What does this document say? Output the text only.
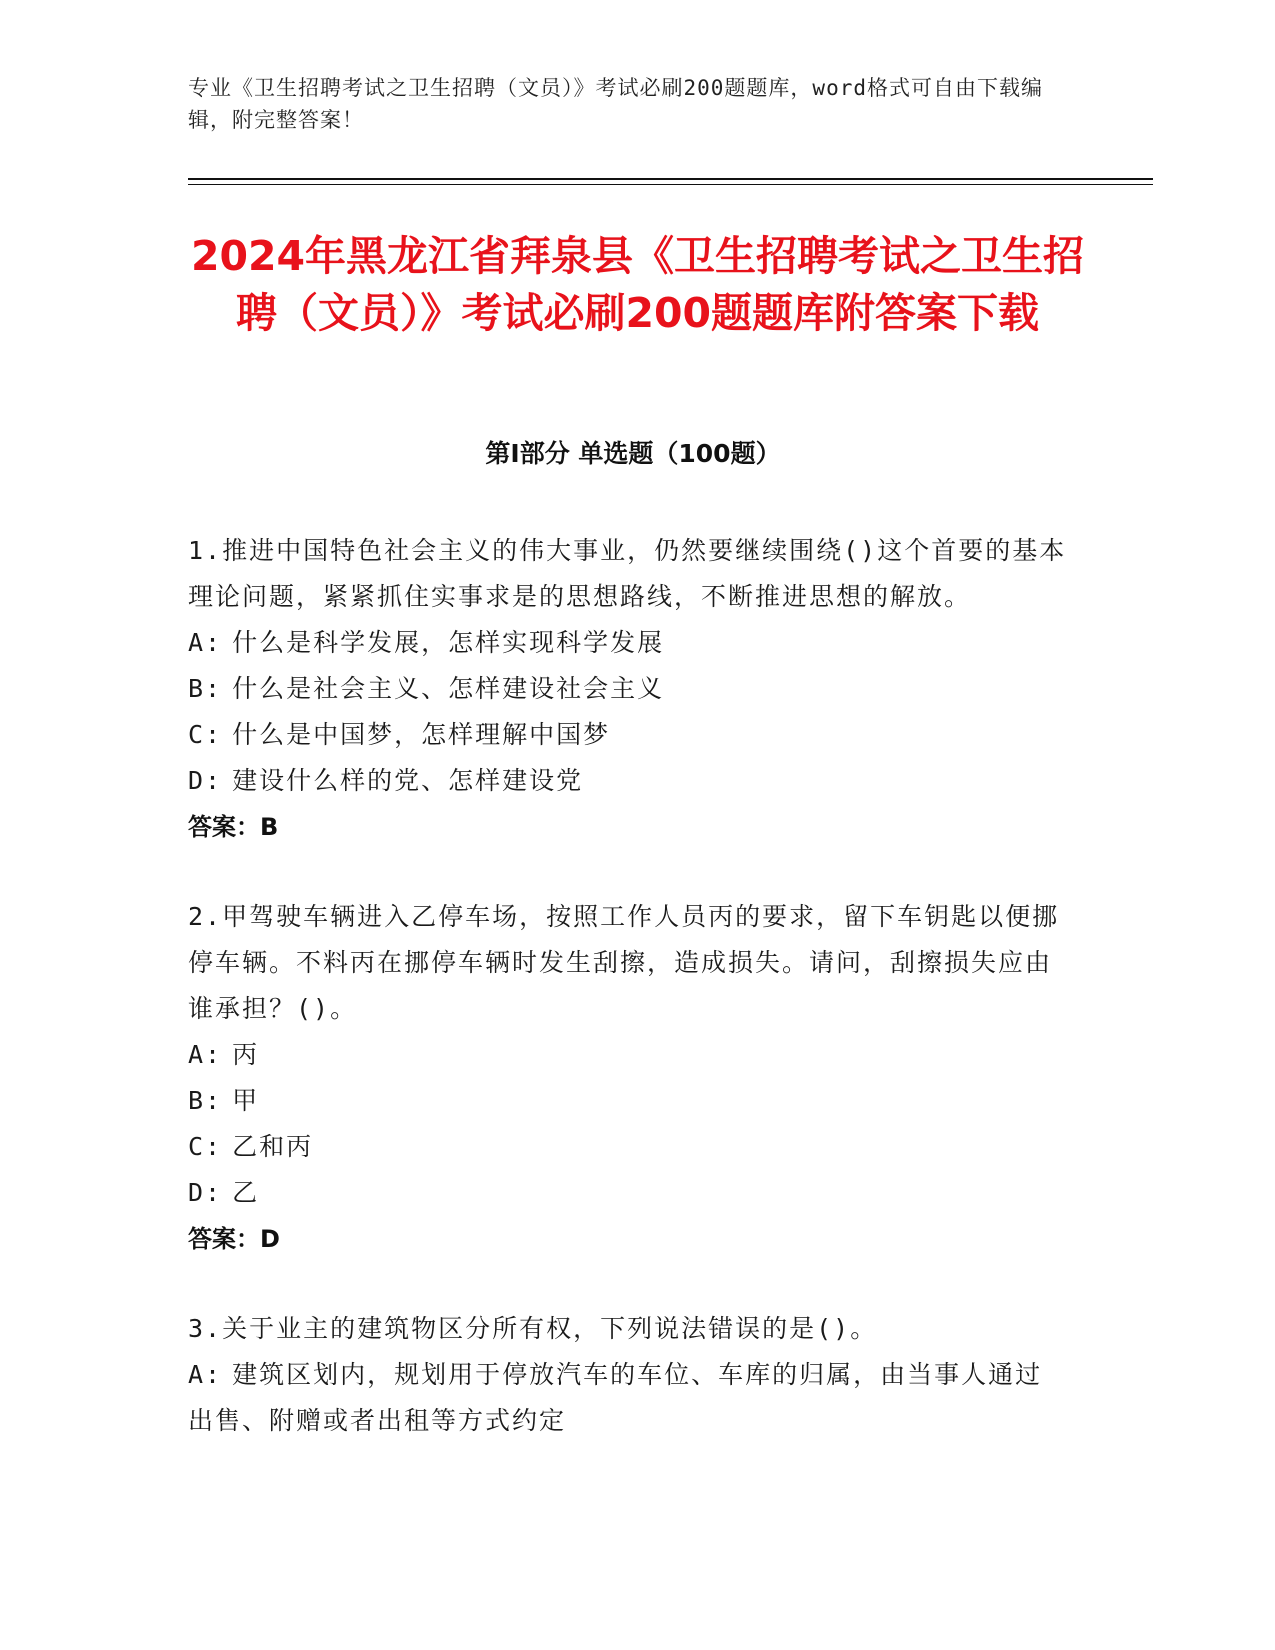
专业《卫生招聘考试之卫生招聘（文员）》考试必刷200题题库，word格式可自由下载编辑，附完整答案！
2024年黑龙江省拜泉县《卫生招聘考试之卫生招聘（文员）》考试必刷200题题库附答案下载
第Ⅰ部分 单选题（100题）
1.推进中国特色社会主义的伟大事业，仍然要继续围绕()这个首要的基本理论问题，紧紧抓住实事求是的思想路线，不断推进思想的解放。
A: 什么是科学发展，怎样实现科学发展
B: 什么是社会主义、怎样建设社会主义
C: 什么是中国梦，怎样理解中国梦
D: 建设什么样的党、怎样建设党
答案：B
2.甲驾驶车辆进入乙停车场，按照工作人员丙的要求，留下车钥匙以便挪停车辆。不料丙在挪停车辆时发生刮擦，造成损失。请问，刮擦损失应由谁承担？()。
A: 丙
B: 甲
C: 乙和丙
D: 乙
答案：D
3.关于业主的建筑物区分所有权，下列说法错误的是()。
A: 建筑区划内，规划用于停放汽车的车位、车库的归属，由当事人通过出售、附赠或者出租等方式约定
